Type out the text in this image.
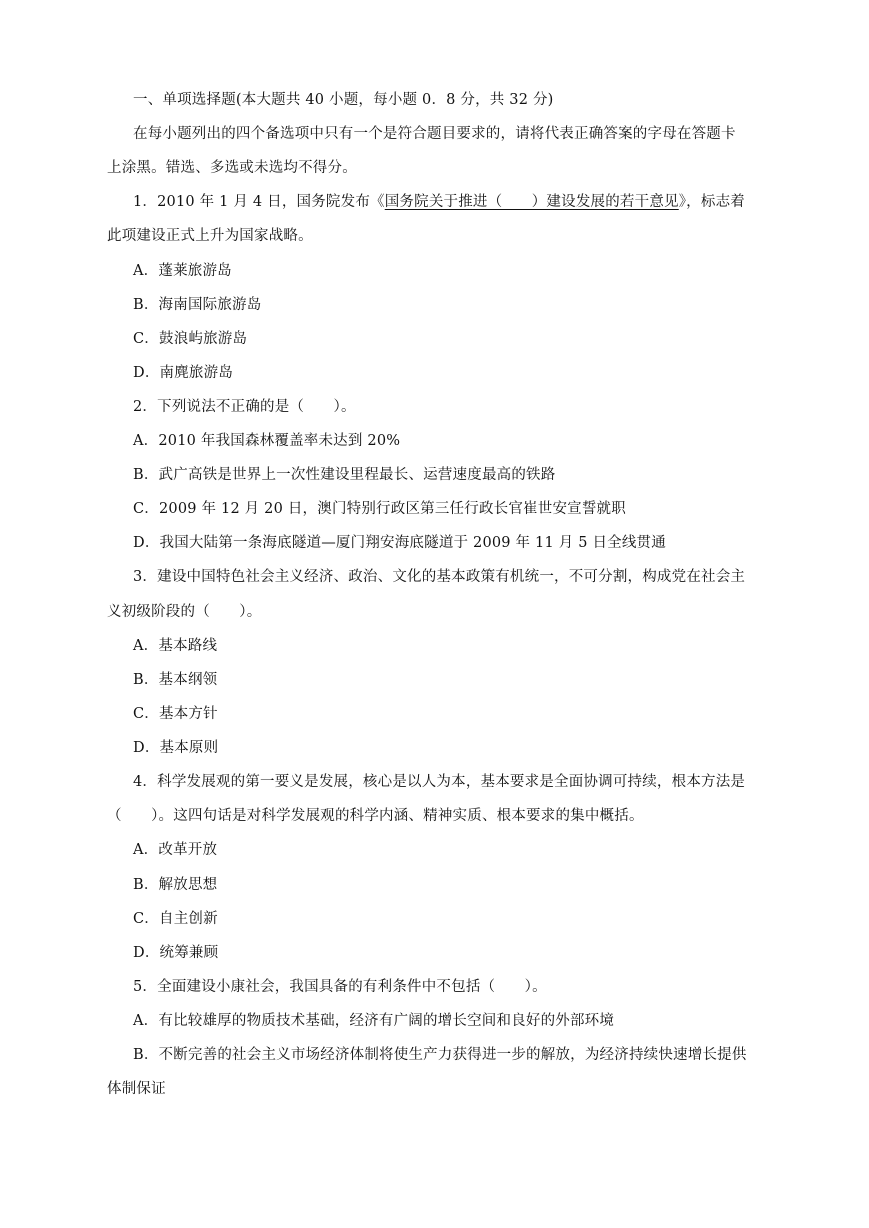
一、单项选择题(本大题共 40 小题，每小题 0．8 分，共 32 分)
在每小题列出的四个备选项中只有一个是符合题目要求的，请将代表正确答案的字母在答题卡
上涂黑。错选、多选或未选均不得分。
1．2010 年 1 月 4 日，国务院发布《国务院关于推进（　　）建设发展的若干意见》，标志着
此项建设正式上升为国家战略。
A．蓬莱旅游岛
B．海南国际旅游岛
C．鼓浪屿旅游岛
D．南麂旅游岛
2．下列说法不正确的是（　　）。
A．2010 年我国森林覆盖率未达到 20%
B．武广高铁是世界上一次性建设里程最长、运营速度最高的铁路
C．2009 年 12 月 20 日，澳门特别行政区第三任行政长官崔世安宣誓就职
D．我国大陆第一条海底隧道—厦门翔安海底隧道于 2009 年 11 月 5 日全线贯通
3．建设中国特色社会主义经济、政治、文化的基本政策有机统一，不可分割，构成党在社会主
义初级阶段的（　　）。
A．基本路线
B．基本纲领
C．基本方针
D．基本原则
4．科学发展观的第一要义是发展，核心是以人为本，基本要求是全面协调可持续，根本方法是
（　　）。这四句话是对科学发展观的科学内涵、精神实质、根本要求的集中概括。
A．改革开放
B．解放思想
C．自主创新
D．统筹兼顾
5．全面建设小康社会，我国具备的有利条件中不包括（　　）。
A．有比较雄厚的物质技术基础，经济有广阔的增长空间和良好的外部环境
B．不断完善的社会主义市场经济体制将使生产力获得进一步的解放，为经济持续快速增长提供
体制保证
